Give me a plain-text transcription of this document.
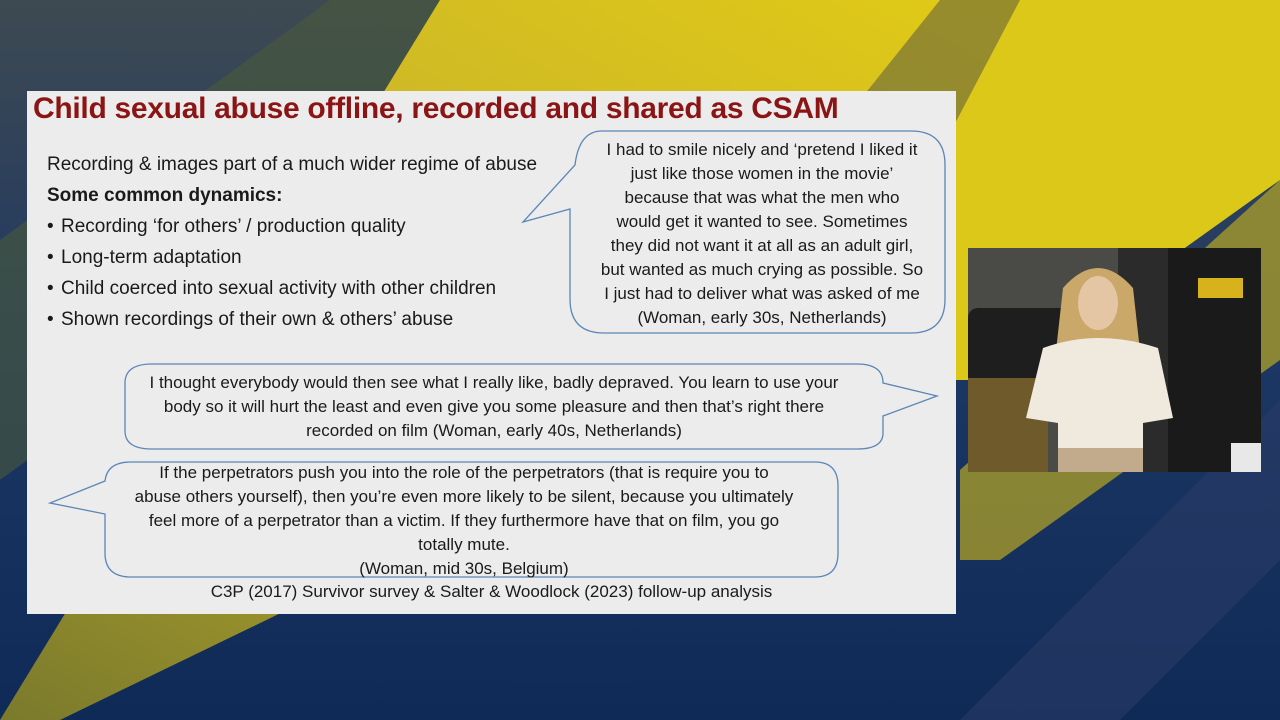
Child sexual abuse offline, recorded and shared as CSAM
Recording & images part of a much wider regime of abuse
Some common dynamics:
• Recording ‘for others’ / production quality
• Long-term adaptation
• Child coerced into sexual activity with other children
• Shown recordings of their own & others’ abuse
I had to smile nicely and ‘pretend I liked it
just like those women in the movie’
because that was what the men who
would get it wanted to see. Sometimes
they did not want it at all as an adult girl,
but wanted as much crying as possible. So
I just had to deliver what was asked of me
(Woman, early 30s, Netherlands)
I thought everybody would then see what I really like, badly depraved. You learn to use your
body so it will hurt the least and even give you some pleasure and then that’s right there
recorded on film (Woman, early 40s, Netherlands)
If the perpetrators push you into the role of the perpetrators (that is require you to
abuse others yourself), then you’re even more likely to be silent, because you ultimately
feel more of a perpetrator than a victim. If they furthermore have that on film, you go
totally mute.
(Woman, mid 30s, Belgium)
C3P (2017) Survivor survey & Salter & Woodlock (2023) follow-up analysis
